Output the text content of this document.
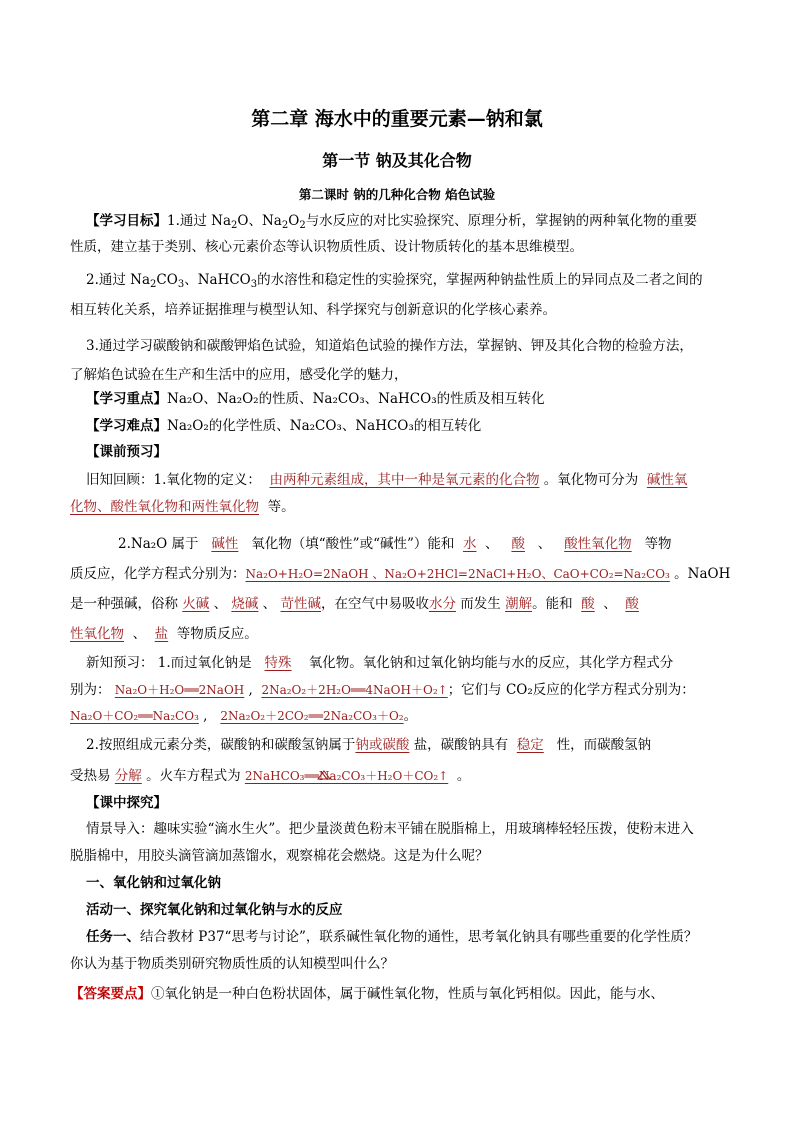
第二章 海水中的重要元素—钠和氯
第一节 钠及其化合物
第二课时 钠的几种化合物 焰色试验
【学习目标】1.通过 $Na_2O$、$Na_2O_2$与水反应的对比实验探究、原理分析，掌握钠的两种氧化物的重要
性质，建立基于类别、核心元素价态等认识物质性质、设计物质转化的基本思维模型。
2.通过 $Na_2CO_3$、NaHCO$_3$的水溶性和稳定性的实验探究，掌握两种钠盐性质上的异同点及二者之间的
相互转化关系，培养证据推理与模型认知、科学探究与创新意识的化学核心素养。
3.通过学习碳酸钠和碳酸钾焰色试验，知道焰色试验的操作方法，掌握钠、钾及其化合物的检验方法，
了解焰色试验在生产和生活中的应用，感受化学的魅力，
【学习重点】Na₂O、Na₂O₂的性质、Na₂CO₃、NaHCO₃的性质及相互转化
【学习难点】Na₂O₂的化学性质、Na₂CO₃、NaHCO₃的相互转化
【课前预习】
旧知回顾：1.氧化物的定义： 由两种元素组成，其中一种是氧元素的化合物 。氧化物可分为 碱性氧
化物、酸性氧化物和两性氧化物 等。
2.Na₂O 属于 碱性 氧化物（填“酸性”或“碱性”）能和 水  、   酸   、   酸性氧化物 等物
质反应，化学方程式分别为：Na₂O+H₂O=2NaOH 、Na₂O+2HCl=2NaCl+H₂O、CaO+CO₂=Na₂CO₃ 。NaOH
是一种强碱，俗称 火碱 、 烧碱 、 苛性碱，在空气中易吸收水分 而发生 潮解。能和 酸  、  酸
性氧化物  、  盐 等物质反应。
新知预习： 1.而过氧化钠是 特殊 氧化物。氧化钠和过氧化钠均能与水的反应，其化学方程式分
别为： Na₂O＋H₂O══2NaOH ,  2Na₂O₂＋2H₂O══4NaOH＋O₂↑；它们与 CO₂反应的化学方程式分别为：
Na₂O＋CO₂══Na₂CO₃ ,   2Na₂O₂＋2CO₂══2Na₂CO₃＋O₂。
2.按照组成元素分类，碳酸钠和碳酸氢钠属于钠或碳酸 盐，碳酸钠具有 稳定 性，而碳酸氢钠
受热易 分解 。火车方程式为 2NaHCO₃══Na₂CO₃＋H₂O＋CO₂↑ 。
【课中探究】
情景导入：趣味实验“滴水生火”。把少量淡黄色粉末平铺在脱脂棉上，用玻璃棒轻轻压拨，使粉末进入
脱脂棉中，用胶头滴管滴加蒸馏水，观察棉花会燃烧。这是为什么呢？
一、氧化钠和过氧化钠
活动一、探究氧化钠和过氧化钠与水的反应
任务一、结合教材 P37“思考与讨论”，联系碱性氧化物的通性，思考氧化钠具有哪些重要的化学性质？
你认为基于物质类别研究物质性质的认知模型叫什么？
【答案要点】①氧化钠是一种白色粉状固体，属于碱性氧化物，性质与氧化钙相似。因此，能与水、
